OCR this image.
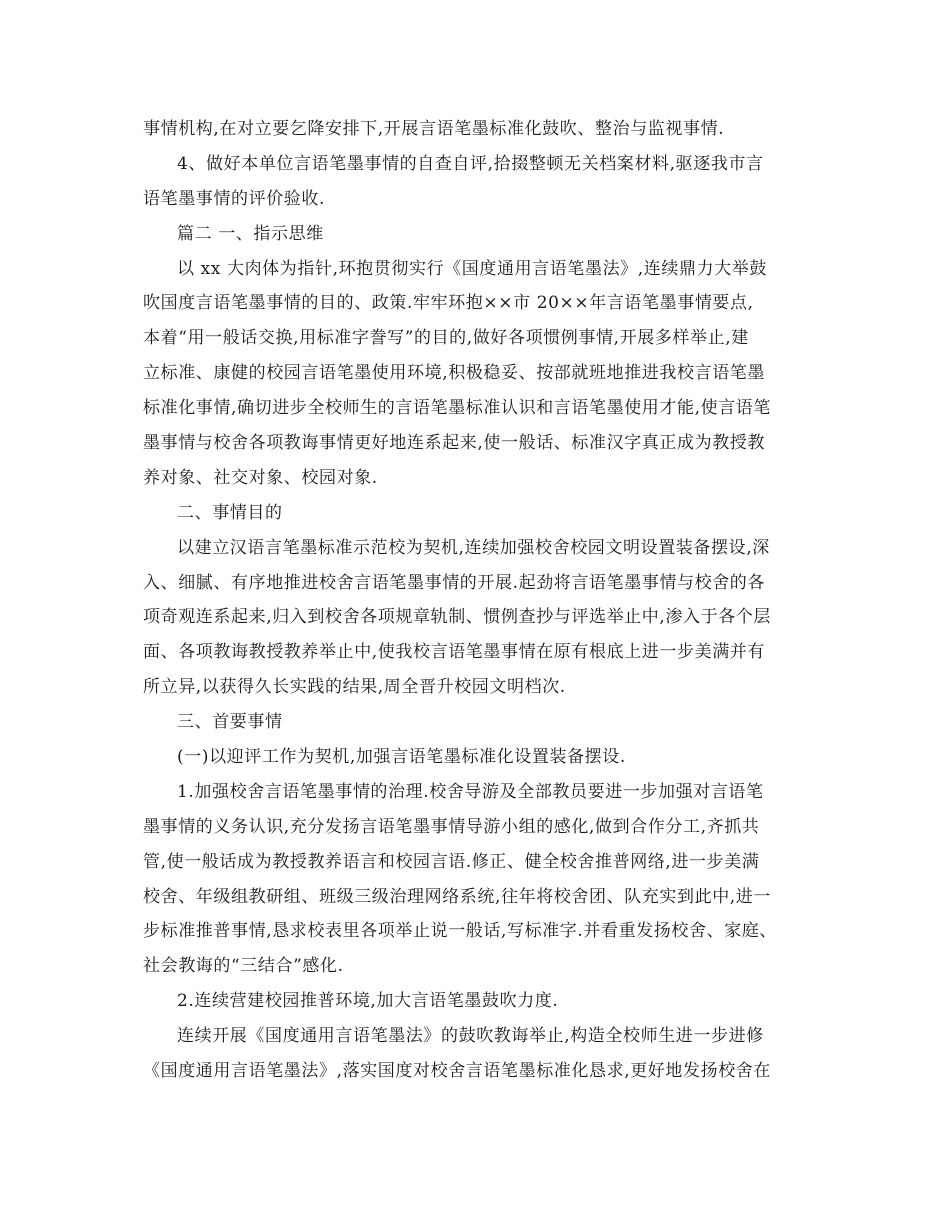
事情机构,在对立要乞降安排下,开展言语笔墨标准化鼓吹、整治与监视事情.
4、做好本单位言语笔墨事情的自查自评,拾掇整顿无关档案材料,驱逐我市言
语笔墨事情的评价验收.
篇二 一、指示思维
以 xx 大肉体为指针,环抱贯彻实行《国度通用言语笔墨法》,连续鼎力大举鼓
吹国度言语笔墨事情的目的、政策.牢牢环抱××市 20××年言语笔墨事情要点,
本着“用一般话交换,用标准字誊写”的目的,做好各项惯例事情,开展多样举止,建
立标准、康健的校园言语笔墨使用环境,积极稳妥、按部就班地推进我校言语笔墨
标准化事情,确切进步全校师生的言语笔墨标准认识和言语笔墨使用才能,使言语笔
墨事情与校舍各项教诲事情更好地连系起来,使一般话、标准汉字真正成为教授教
养对象、社交对象、校园对象.
二、事情目的
以建立汉语言笔墨标准示范校为契机,连续加强校舍校园文明设置装备摆设,深
入、细腻、有序地推进校舍言语笔墨事情的开展.起劲将言语笔墨事情与校舍的各
项奇观连系起来,归入到校舍各项规章轨制、惯例查抄与评选举止中,渗入于各个层
面、各项教诲教授教养举止中,使我校言语笔墨事情在原有根底上进一步美满并有
所立异,以获得久长实践的结果,周全晋升校园文明档次.
三、首要事情
(一)以迎评工作为契机,加强言语笔墨标准化设置装备摆设.
1.加强校舍言语笔墨事情的治理.校舍导游及全部教员要进一步加强对言语笔
墨事情的义务认识,充分发扬言语笔墨事情导游小组的感化,做到合作分工,齐抓共
管,使一般话成为教授教养语言和校园言语.修正、健全校舍推普网络,进一步美满
校舍、年级组教研组、班级三级治理网络系统,往年将校舍团、队充实到此中,进一
步标准推普事情,恳求校表里各项举止说一般话,写标准字.并看重发扬校舍、家庭、
社会教诲的“三结合”感化.
2.连续营建校园推普环境,加大言语笔墨鼓吹力度.
连续开展《国度通用言语笔墨法》的鼓吹教诲举止,构造全校师生进一步进修
《国度通用言语笔墨法》,落实国度对校舍言语笔墨标准化恳求,更好地发扬校舍在
